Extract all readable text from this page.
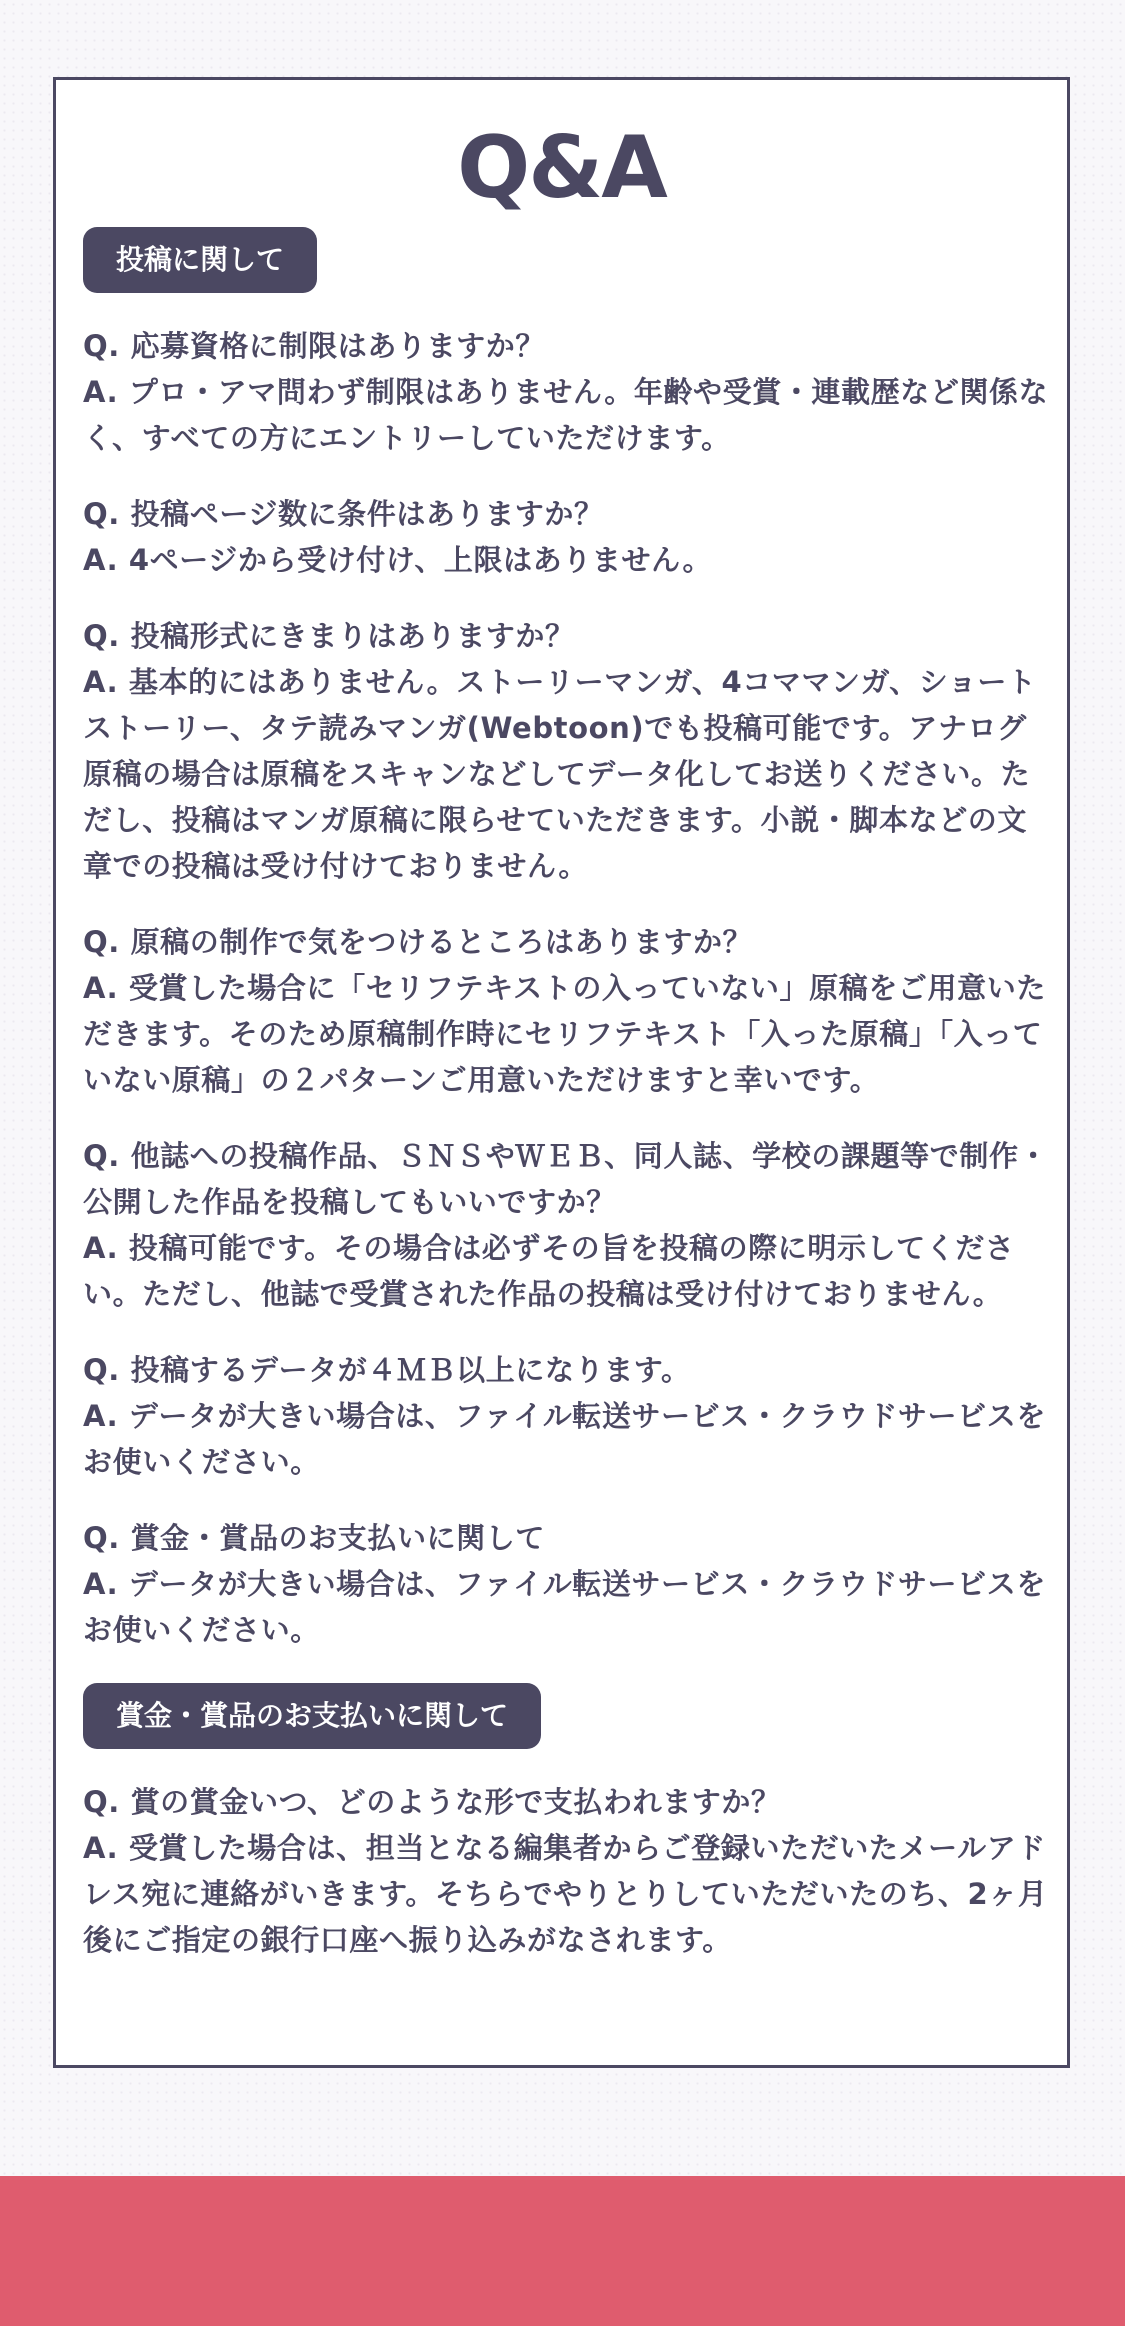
Q&A
投稿に関して

Q. 応募資格に制限はありますか？

A. プロ・アマ問わず制限はありません。年齢や受賞・連載歴など関係なく、すべての方にエントリーしていただけます。

Q. 投稿ページ数に条件はありますか？

A. 4ページから受け付け、上限はありません。

Q. 投稿形式にきまりはありますか？

A. 基本的にはありません。ストーリーマンガ、4コママンガ、ショートストーリー、タテ読みマンガ(Webtoon)でも投稿可能です。アナログ原稿の場合は原稿をスキャンなどしてデータ化してお送りください。ただし、投稿はマンガ原稿に限らせていただきます。小説・脚本などの文章での投稿は受け付けておりません。

Q. 原稿の制作で気をつけるところはありますか？

A. 受賞した場合に「セリフテキストの入っていない」原稿をご用意いただきます。そのため原稿制作時にセリフテキスト「入った原稿」「入っていない原稿」の２パターンご用意いただけますと幸いです。

Q. 他誌への投稿作品、ＳＮＳやＷＥＢ、同人誌、学校の課題等で制作・公開した作品を投稿してもいいですか？

A. 投稿可能です。その場合は必ずその旨を投稿の際に明示してください。ただし、他誌で受賞された作品の投稿は受け付けておりません。

Q. 投稿するデータが４ＭＢ以上になります。

A. データが大きい場合は、ファイル転送サービス・クラウドサービスをお使いください。

Q. 賞金・賞品のお支払いに関して

A. データが大きい場合は、ファイル転送サービス・クラウドサービスをお使いください。

賞金・賞品のお支払いに関して

Q. 賞の賞金いつ、どのような形で支払われますか？

A. 受賞した場合は、担当となる編集者からご登録いただいたメールアドレス宛に連絡がいきます。そちらでやりとりしていただいたのち、2ヶ月後にご指定の銀行口座へ振り込みがなされます。
